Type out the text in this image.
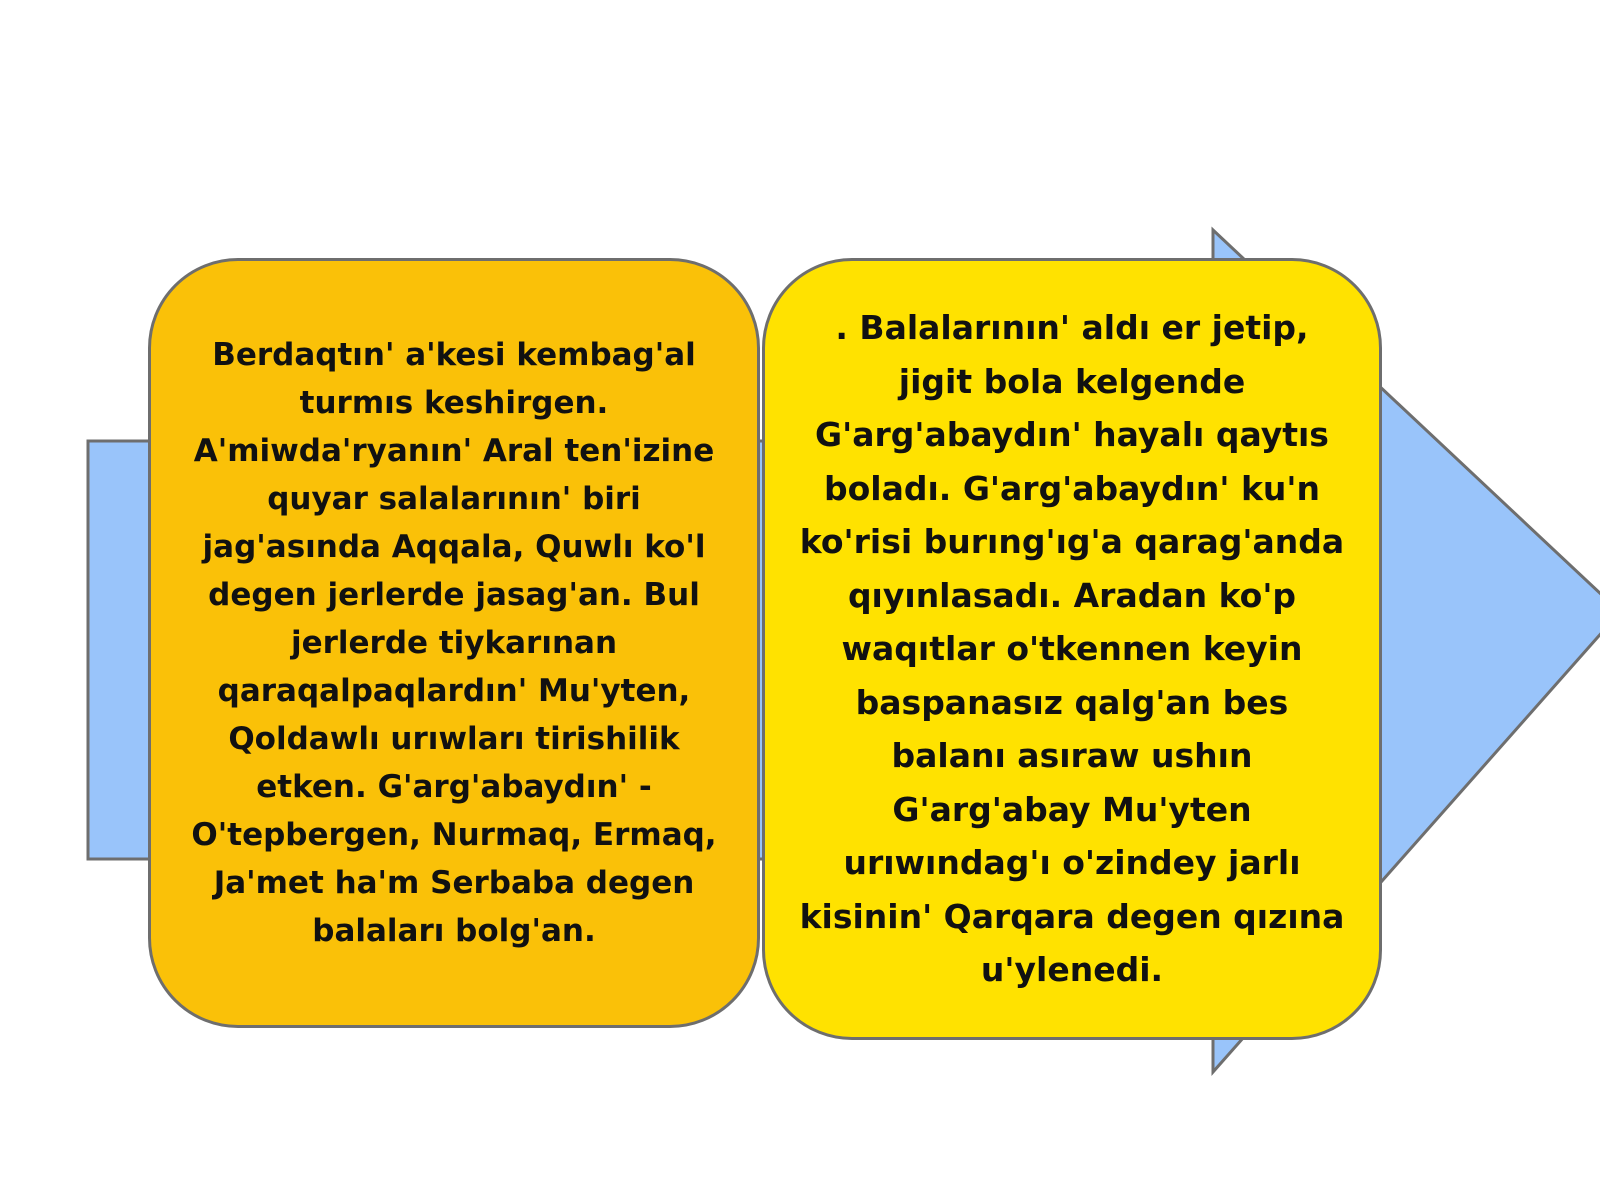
Berdaqtın' a'kesi kembag'al turmıs keshirgen. A'miwda'ryanın' Aral ten'izine quyar salalarının' biri jag'asında Aqqala, Quwlı ko'l degen jerlerde jasag'an. Bul jerlerde tiykarınan qaraqalpaqlardın' Mu'yten, Qoldawlı urıwları tirishilik etken. G'arg'abaydın' - O'tepbergen, Nurmaq, Ermaq, Ja'met ha'm Serbaba degen balaları bolg'an.

. Balalarının' aldı er jetip, jigit bola kelgende G'arg'abaydın' hayalı qaytıs boladı. G'arg'abaydın' ku'n ko'risi burıng'ıg'a qarag'anda qıyınlasadı. Aradan ko'p waqıtlar o'tkennen keyin baspanasız qalg'an bes balanı asıraw ushın G'arg'abay Mu'yten urıwındag'ı o'zindey jarlı kisinin' Qarqara degen qızına u'ylenedi.
